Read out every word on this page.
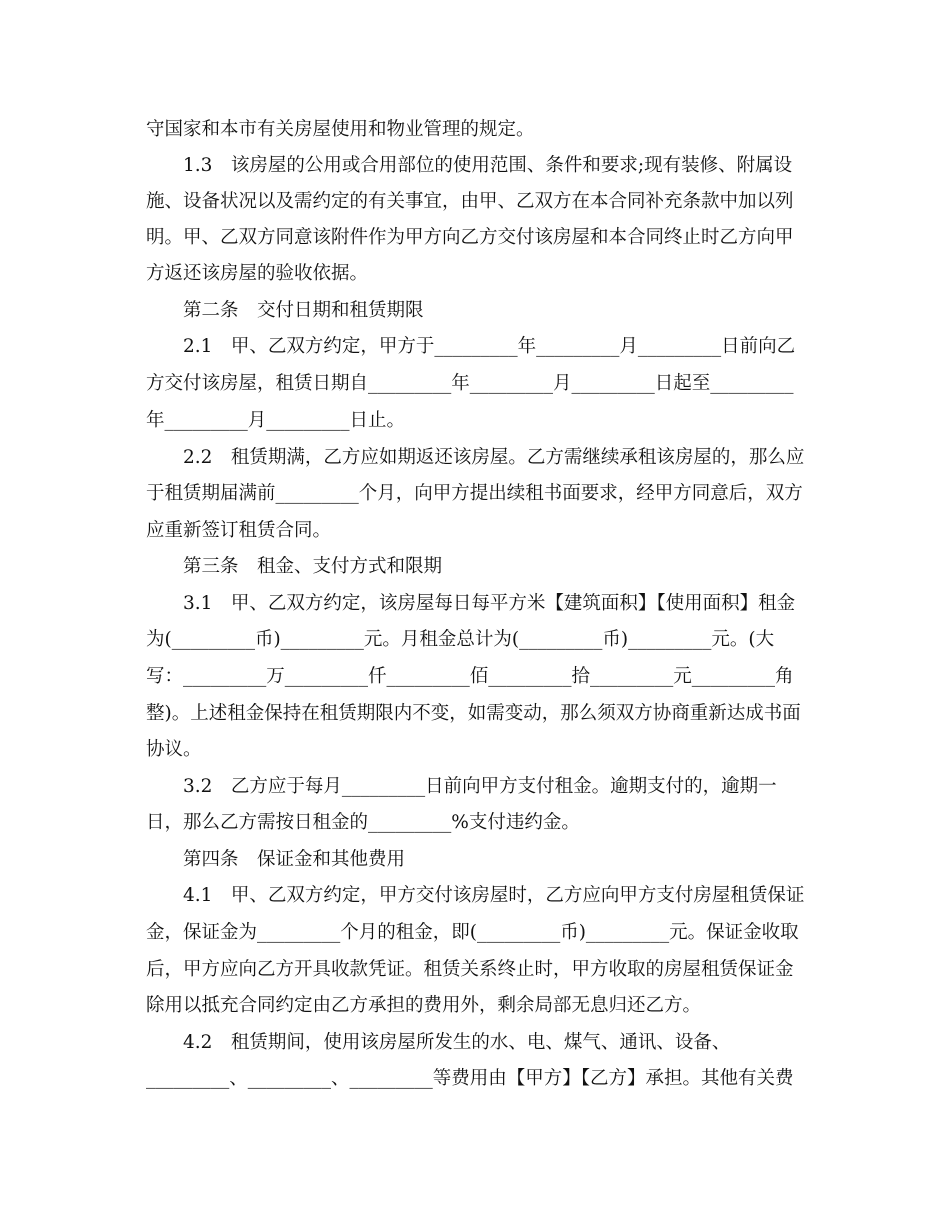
守国家和本市有关房屋使用和物业管理的规定。

1.3　该房屋的公用或合用部位的使用范围、条件和要求;现有装修、附属设

施、设备状况以及需约定的有关事宜，由甲、乙双方在本合同补充条款中加以列

明。甲、乙双方同意该附件作为甲方向乙方交付该房屋和本合同终止时乙方向甲

方返还该房屋的验收依据。

第二条　交付日期和租赁期限

2.1　甲、乙双方约定，甲方于_________年_________月_________日前向乙

方交付该房屋，租赁日期自_________年_________月_________日起至_________

年_________月_________日止。

2.2　租赁期满，乙方应如期返还该房屋。乙方需继续承租该房屋的，那么应

于租赁期届满前_________个月，向甲方提出续租书面要求，经甲方同意后，双方

应重新签订租赁合同。

第三条　租金、支付方式和限期

3.1　甲、乙双方约定，该房屋每日每平方米【建筑面积】【使用面积】租金

为(_________币)_________元。月租金总计为(_________币)_________元。(大

写：_________万_________仟_________佰_________拾_________元_________角

整)。上述租金保持在租赁期限内不变，如需变动，那么须双方协商重新达成书面

协议。

3.2　乙方应于每月_________日前向甲方支付租金。逾期支付的，逾期一

日，那么乙方需按日租金的_________%支付违约金。

第四条　保证金和其他费用

4.1　甲、乙双方约定，甲方交付该房屋时，乙方应向甲方支付房屋租赁保证

金，保证金为_________个月的租金，即(_________币)_________元。保证金收取

后，甲方应向乙方开具收款凭证。租赁关系终止时，甲方收取的房屋租赁保证金

除用以抵充合同约定由乙方承担的费用外，剩余局部无息归还乙方。

4.2　租赁期间，使用该房屋所发生的水、电、煤气、通讯、设备、

_________、_________、_________等费用由【甲方】【乙方】承担。其他有关费
